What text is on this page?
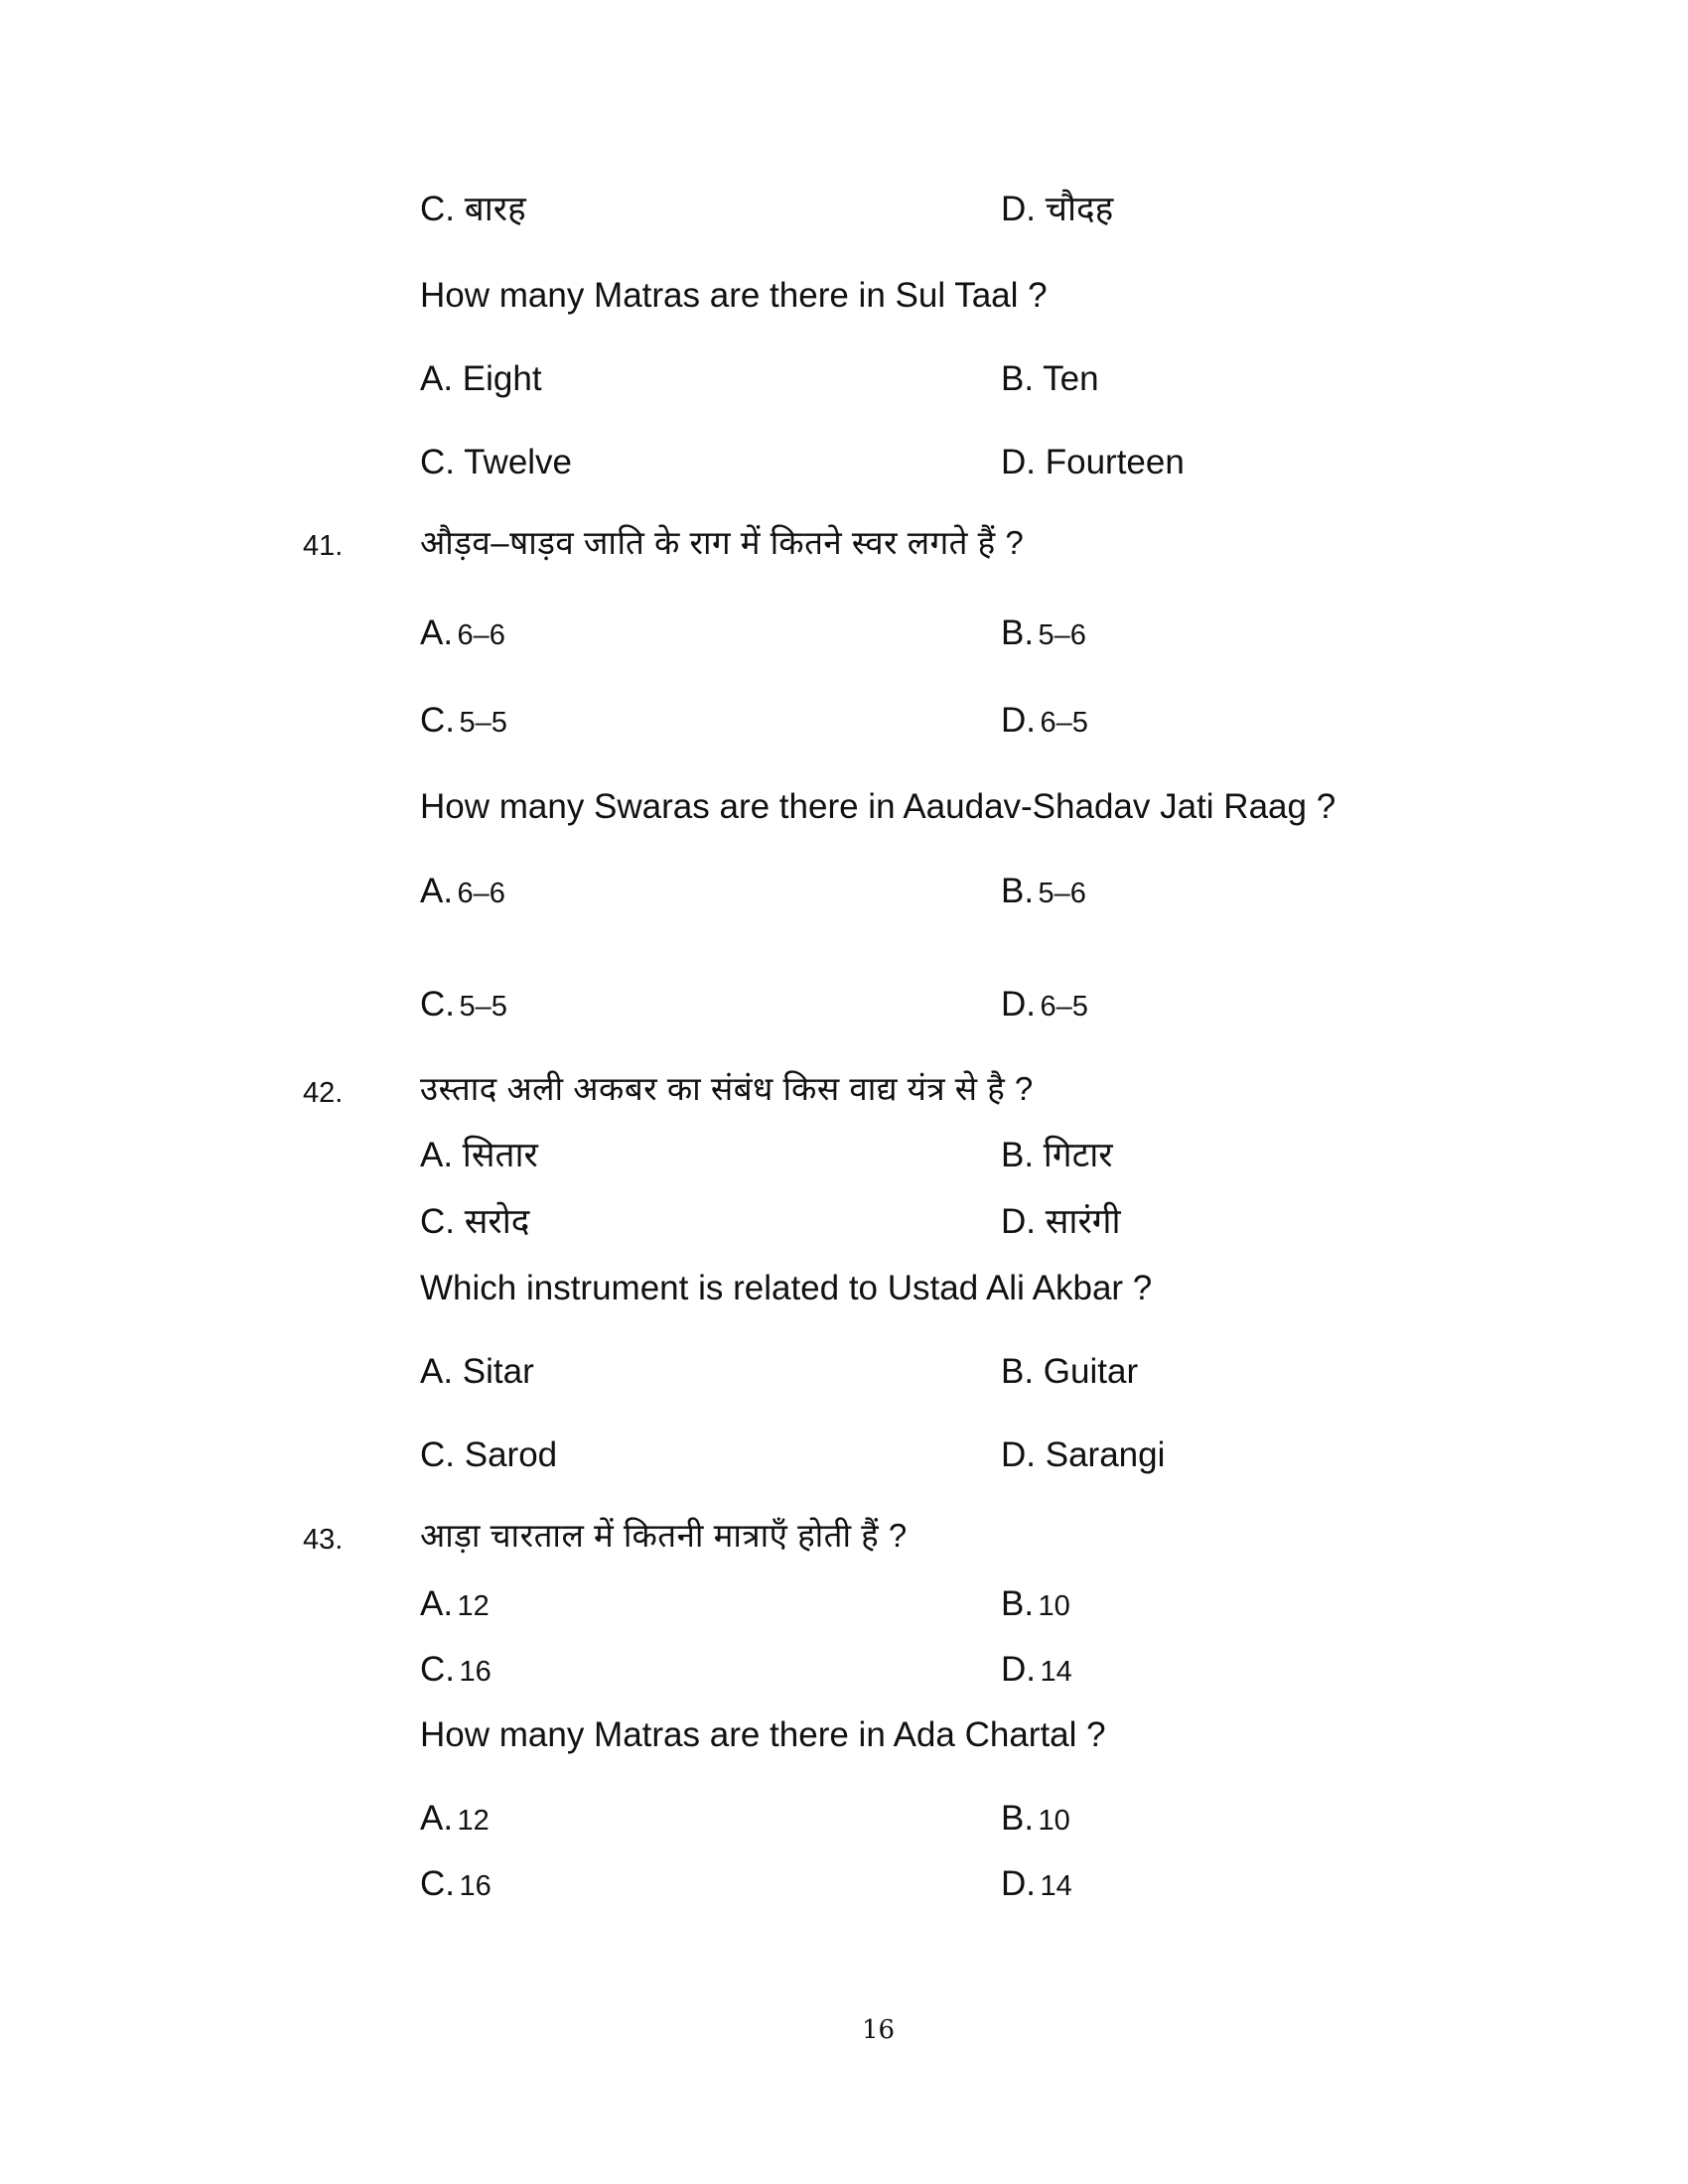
C. बारह	D. चौदह
How many Matras are there in Sul Taal ?
A. Eight	B. Ten
C. Twelve	D. Fourteen
41. औड़व–षाड़व जाति के राग में कितने स्वर लगते हैं ?
A. 6–6	B. 5–6
C. 5–5	D. 6–5
How many Swaras are there in Aaudav-Shadav Jati Raag ?
A. 6–6	B. 5–6
C. 5–5	D. 6–5
42. उस्ताद अली अकबर का संबंध किस वाद्य यंत्र से है ?
A. सितार	B. गिटार
C. सरोद	D. सारंगी
Which instrument is related to Ustad Ali Akbar ?
A. Sitar	B. Guitar
C. Sarod	D. Sarangi
43. आड़ा चारताल में कितनी मात्राएँ होती हैं ?
A. 12	B. 10
C. 16	D. 14
How many Matras are there in Ada Chartal ?
A. 12	B. 10
C. 16	D. 14
16
